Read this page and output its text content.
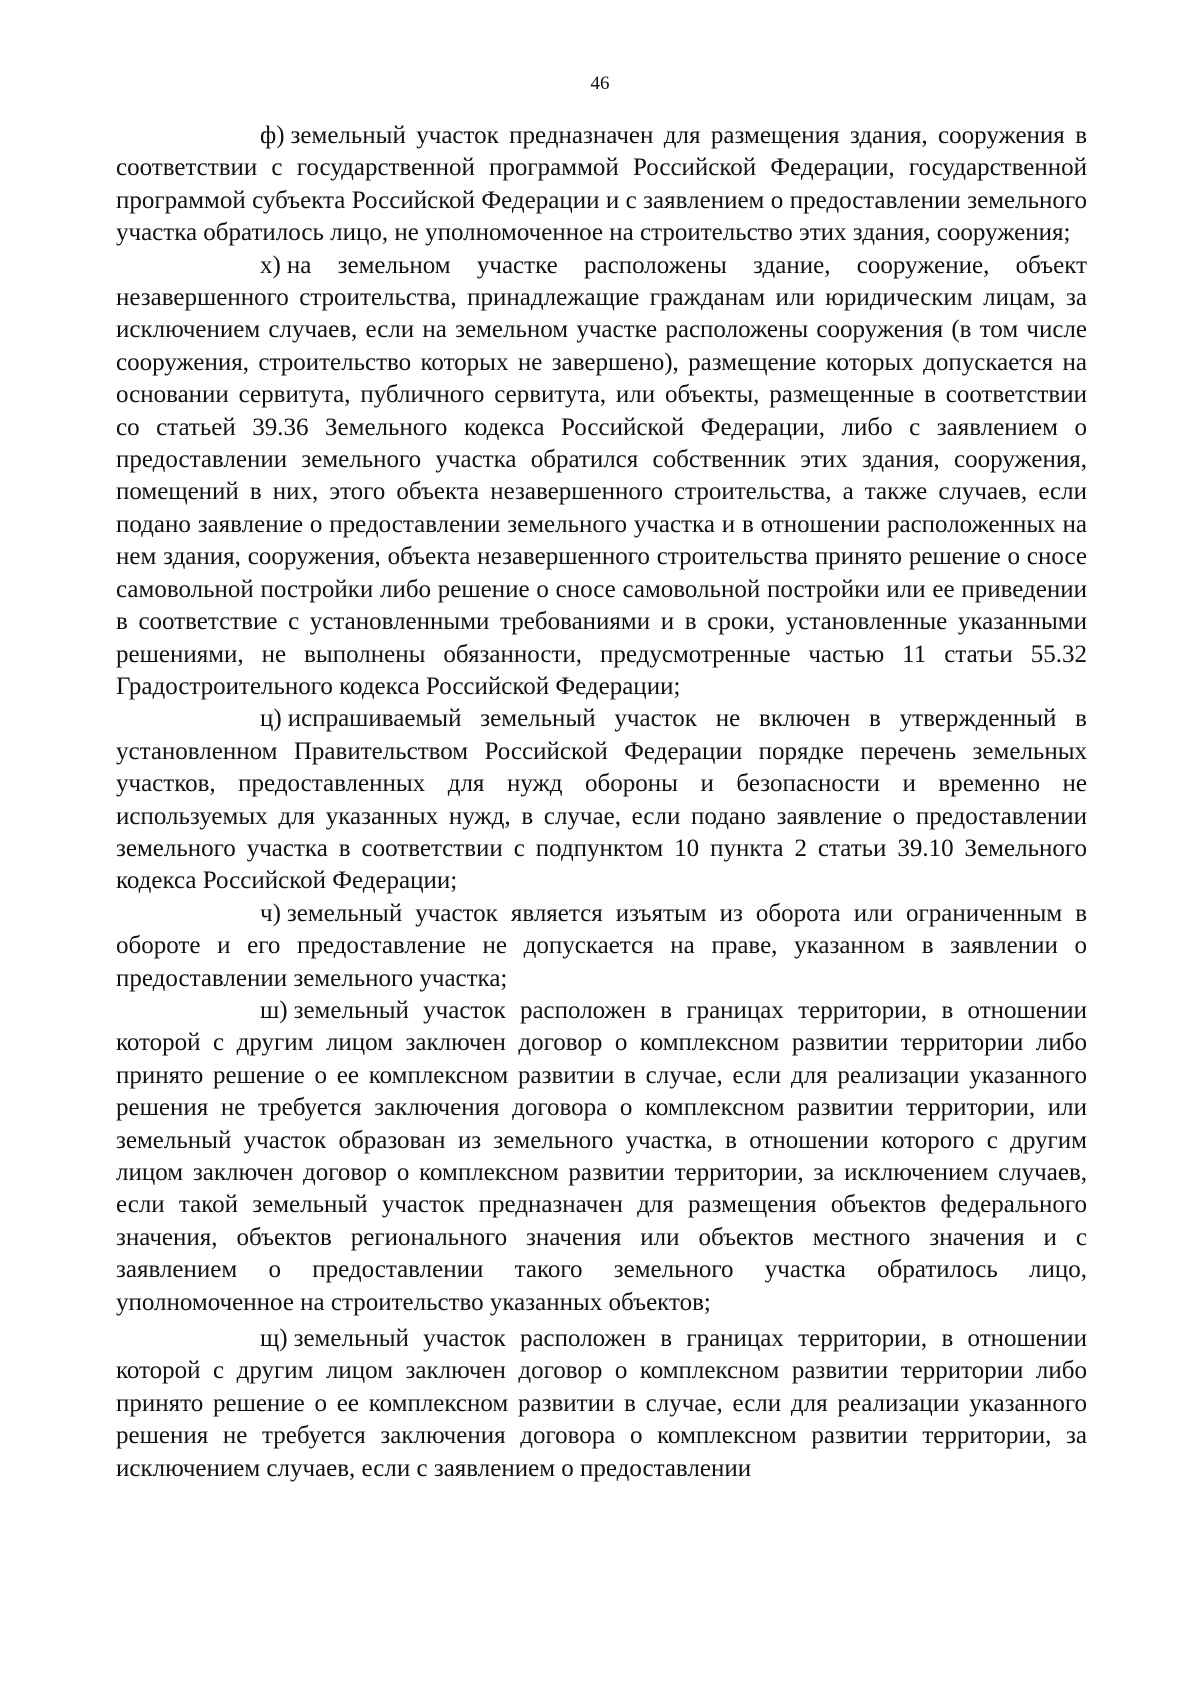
46

ф) земельный участок предназначен для размещения здания, сооружения в соответствии с государственной программой Российской Федерации, государственной программой субъекта Российской Федерации и с заявлением о предоставлении земельного участка обратилось лицо, не уполномоченное на строительство этих здания, сооружения;

х) на земельном участке расположены здание, сооружение, объект незавершенного строительства, принадлежащие гражданам или юридическим лицам, за исключением случаев, если на земельном участке расположены сооружения (в том числе сооружения, строительство которых не завершено), размещение которых допускается на основании сервитута, публичного сервитута, или объекты, размещенные в соответствии со статьей 39.36 Земельного кодекса Российской Федерации, либо с заявлением о предоставлении земельного участка обратился собственник этих здания, сооружения, помещений в них, этого объекта незавершенного строительства, а также случаев, если подано заявление о предоставлении земельного участка и в отношении расположенных на нем здания, сооружения, объекта незавершенного строительства принято решение о сносе самовольной постройки либо решение о сносе самовольной постройки или ее приведении в соответствие с установленными требованиями и в сроки, установленные указанными решениями, не выполнены обязанности, предусмотренные частью 11 статьи 55.32 Градостроительного кодекса Российской Федерации;

ц) испрашиваемый земельный участок не включен в утвержденный в установленном Правительством Российской Федерации порядке перечень земельных участков, предоставленных для нужд обороны и безопасности и временно не используемых для указанных нужд, в случае, если подано заявление о предоставлении земельного участка в соответствии с подпунктом 10 пункта 2 статьи 39.10 Земельного кодекса Российской Федерации;

ч) земельный участок является изъятым из оборота или ограниченным в обороте и его предоставление не допускается на праве, указанном в заявлении о предоставлении земельного участка;

ш) земельный участок расположен в границах территории, в отношении которой с другим лицом заключен договор о комплексном развитии территории либо принято решение о ее комплексном развитии в случае, если для реализации указанного решения не требуется заключения договора о комплексном развитии территории, или земельный участок образован из земельного участка, в отношении которого с другим лицом заключен договор о комплексном развитии территории, за исключением случаев, если такой земельный участок предназначен для размещения объектов федерального значения, объектов регионального значения или объектов местного значения и с заявлением о предоставлении такого земельного участка обратилось лицо, уполномоченное на строительство указанных объектов;

щ) земельный участок расположен в границах территории, в отношении которой с другим лицом заключен договор о комплексном развитии территории либо принято решение о ее комплексном развитии в случае, если для реализации указанного решения не требуется заключения договора о комплексном развитии территории, за исключением случаев, если с заявлением о предоставлении
